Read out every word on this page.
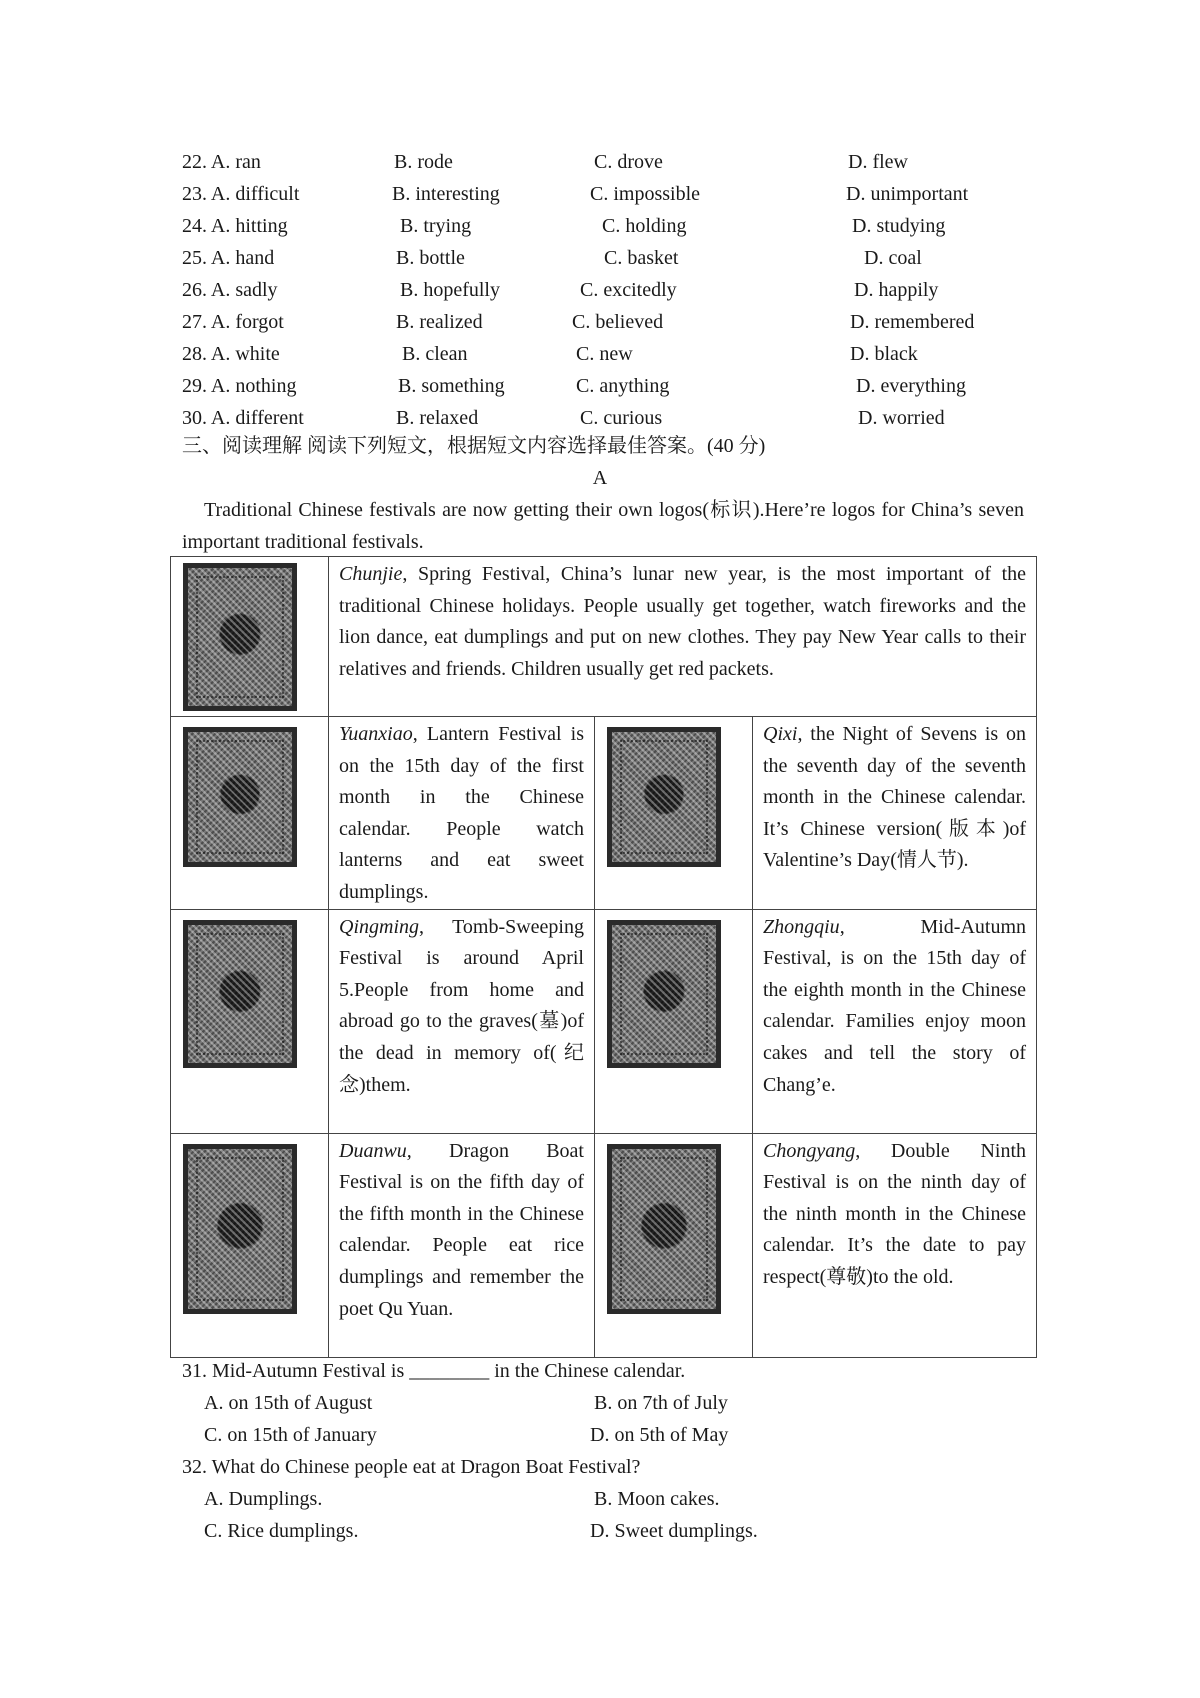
22. A. ran	B. rode	C. drove	D. flew
23. A. difficult	B. interesting	C. impossible	D. unimportant
24. A. hitting	B. trying	C. holding	D. studying
25. A. hand	B. bottle	C. basket	D. coal
26. A. sadly	B. hopefully	C. excitedly	D. happily
27. A. forgot	B. realized	C. believed	D. remembered
28. A. white	B. clean	C. new	D. black
29. A. nothing	B. something	C. anything	D. everything
30. A. different	B. relaxed	C. curious	D. worried
三、阅读理解 阅读下列短文，根据短文内容选择最佳答案。(40 分)
A
Traditional Chinese festivals are now getting their own logos(标识).Here’re logos for China’s seven important traditional festivals.
	Chunjie, Spring Festival, China’s lunar new year, is the most important of the traditional Chinese holidays. People usually get together, watch fireworks and the lion dance, eat dumplings and put on new clothes. They pay New Year calls to their relatives and friends. Children usually get red packets.		

	Yuanxiao, Lantern Festival is on the 15th day of the first month in the Chinese calendar. People watch lanterns and eat sweet dumplings.		Qixi, the Night of Sevens is on the seventh day of the seventh month in the Chinese calendar. It’s Chinese version(版本)of Valentine’s Day(情人节).

	Qingming, Tomb-Sweeping Festival is around April 5.People from home and abroad go to the graves(墓)of the dead in memory of(纪念)them.		Zhongqiu, Mid-Autumn Festival, is on the 15th day of the eighth month in the Chinese calendar. Families enjoy moon cakes and tell the story of Chang’e.

	Duanwu, Dragon Boat Festival is on the fifth day of the fifth month in the Chinese calendar. People eat rice dumplings and remember the poet Qu Yuan.		Chongyang, Double Ninth Festival is on the ninth day of the ninth month in the Chinese calendar. It’s the date to pay respect(尊敬)to the old.
31. Mid-Autumn Festival is ________ in the Chinese calendar.
A. on 15th of August	B. on 7th of July
C. on 15th of January	D. on 5th of May
32. What do Chinese people eat at Dragon Boat Festival?
A. Dumplings.	B. Moon cakes.
C. Rice dumplings.	D. Sweet dumplings.
